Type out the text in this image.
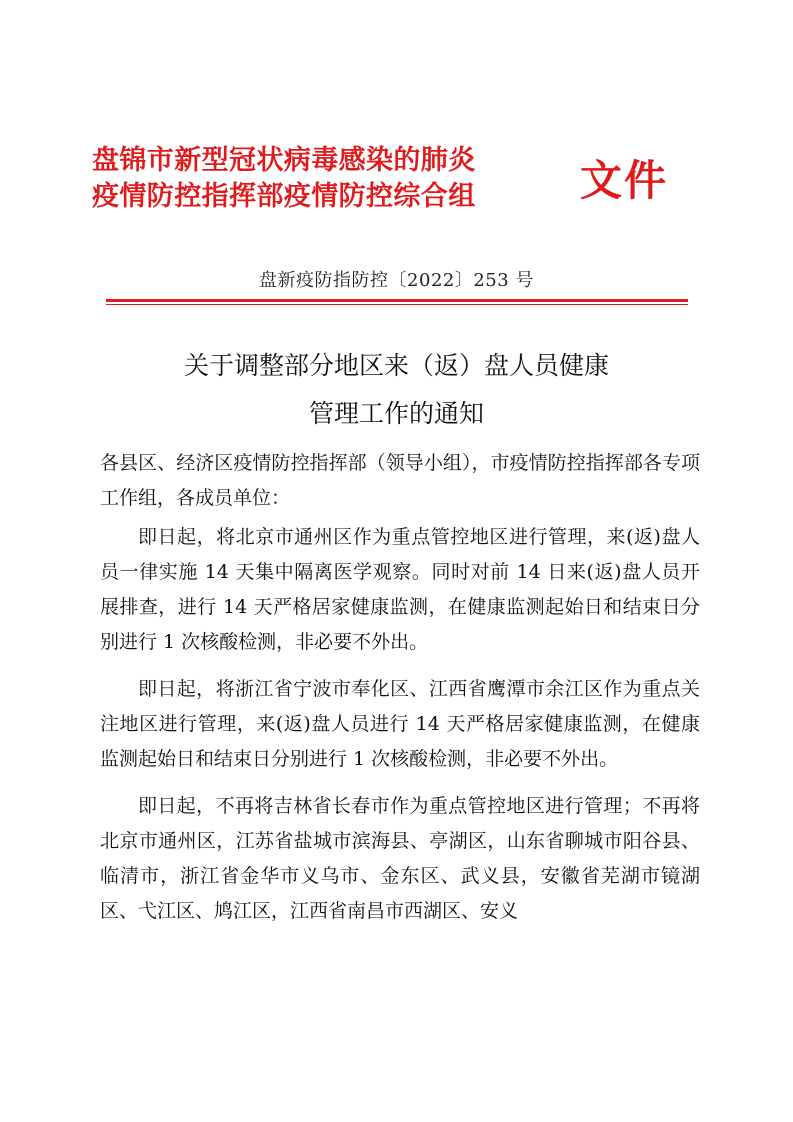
盘锦市新型冠状病毒感染的肺炎
疫情防控指挥部疫情防控综合组	文件
盘新疫防指防控〔2022〕253 号
关于调整部分地区来（返）盘人员健康
管理工作的通知

各县区、经济区疫情防控指挥部（领导小组），市疫情防控指挥部各专项工作组，各成员单位：

即日起，将北京市通州区作为重点管控地区进行管理，来(返)盘人员一律实施 14 天集中隔离医学观察。同时对前 14 日来(返)盘人员开展排查，进行 14 天严格居家健康监测，在健康监测起始日和结束日分别进行 1 次核酸检测，非必要不外出。

即日起，将浙江省宁波市奉化区、江西省鹰潭市余江区作为重点关注地区进行管理，来(返)盘人员进行 14 天严格居家健康监测，在健康监测起始日和结束日分别进行 1 次核酸检测，非必要不外出。

即日起，不再将吉林省长春市作为重点管控地区进行管理；不再将北京市通州区，江苏省盐城市滨海县、亭湖区，山东省聊城市阳谷县、临清市，浙江省金华市义乌市、金东区、武义县，安徽省芜湖市镜湖区、弋江区、鸠江区，江西省南昌市西湖区、安义
